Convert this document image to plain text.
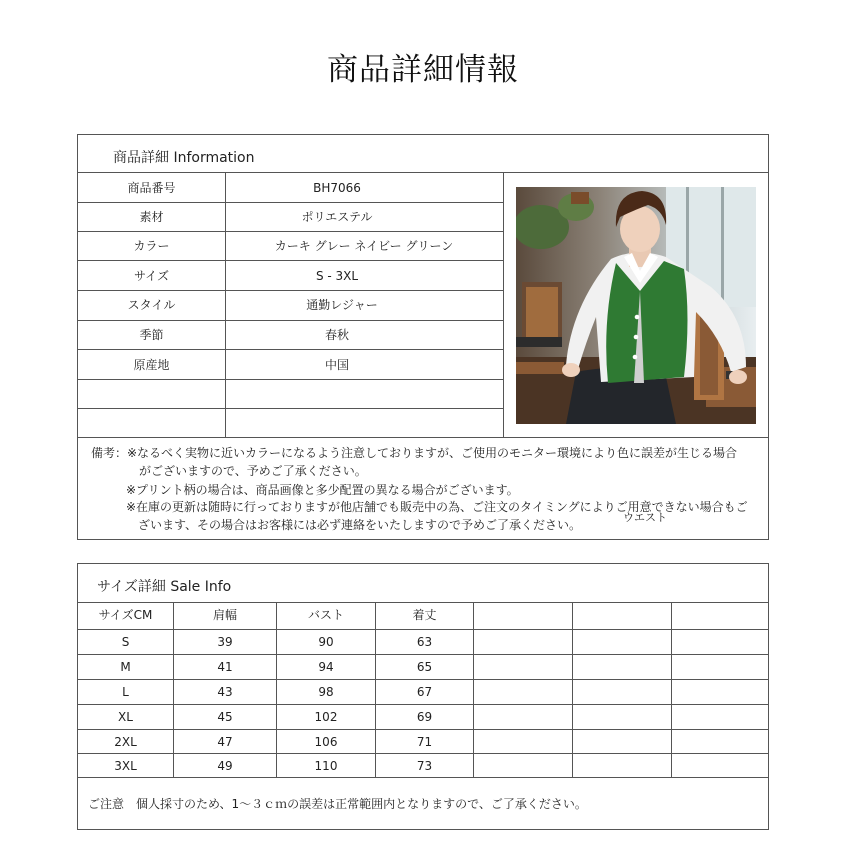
商品詳細情報
商品詳細 Information
商品番号	BH7066
素材	ポリエステル
カラー	カーキ グレー ネイビー グリーン
サイズ	S - 3XL
スタイル	通勤レジャー
季節	春秋
原産地	中国
備考：※なるべく実物に近いカラーになるよう注意しておりますが、ご使用のモニター環境により色に誤差が生じる場合
がございますので、予めご了承ください。
※プリント柄の場合は、商品画像と多少配置の異なる場合がございます。
※在庫の更新は随時に行っておりますが他店舗でも販売中の為、ご注文のタイミングによりご用意できない場合もご
ざいます、その場合はお客様には必ず連絡をいたしますので予めご了承ください。
ウエスト
サイズ詳細 Sale Info
サイズCM	肩幅	バスト	着丈
S	39	90	63
M	41	94	65
L	43	98	67
XL	45	102	69
2XL	47	106	71
3XL	49	110	73
ご注意　個人採寸のため、1～３ｃｍの誤差は正常範囲内となりますので、ご了承ください。
